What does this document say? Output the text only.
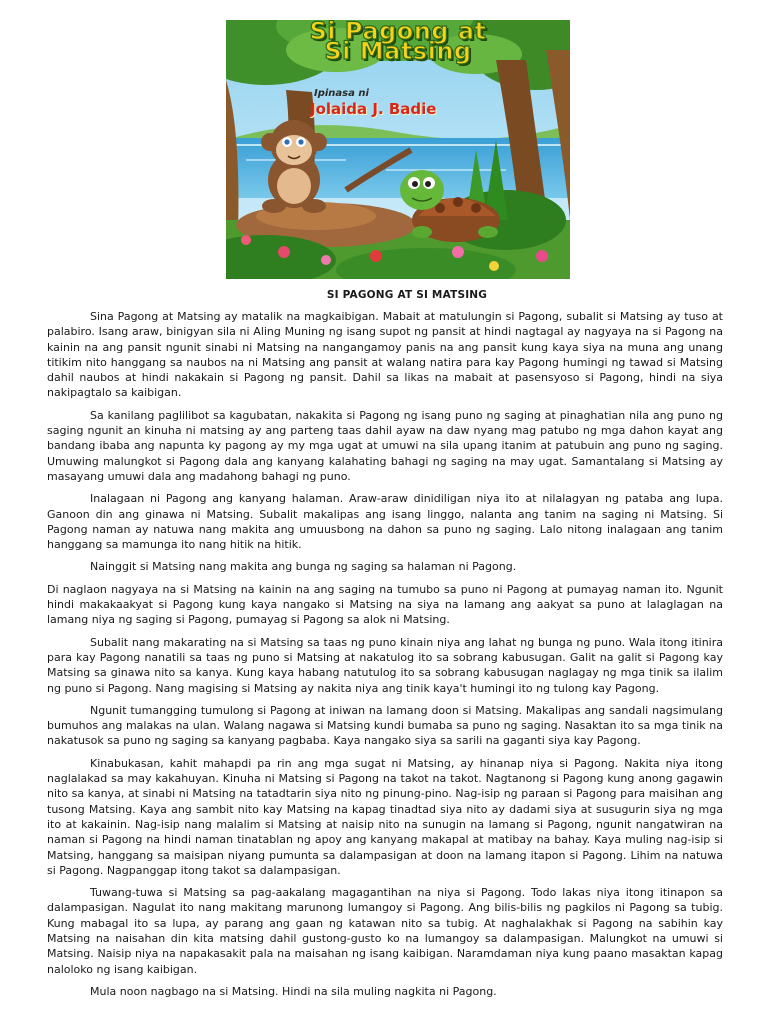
Si Pagong at
Si Matsing
Ipinasa ni
Jolaida J. Badie
SI PAGONG AT SI MATSING

Sina Pagong at Matsing ay matalik na magkaibigan. Mabait at matulungin si Pagong, subalit si Matsing ay tuso at palabiro. Isang araw, binigyan sila ni Aling Muning ng isang supot ng pansit at hindi nagtagal ay nagyaya na si Pagong na kainin na ang pansit ngunit sinabi ni Matsing na nangangamoy panis na ang pansit kung kaya siya na muna ang unang titikim nito hanggang sa naubos na ni Matsing ang pansit at walang natira para kay Pagong humingi ng tawad si Matsing dahil naubos at hindi nakakain si Pagong ng pansit. Dahil sa likas na mabait at pasensyoso si Pagong, hindi na siya nakipagtalo sa kaibigan.

Sa kanilang paglilibot sa kagubatan, nakakita si Pagong ng isang puno ng saging at pinaghatian nila ang puno ng saging ngunit an kinuha ni matsing ay ang parteng taas dahil ayaw na daw nyang mag patubo ng mga dahon kayat ang bandang ibaba ang napunta ky pagong ay my mga ugat at umuwi na sila upang itanim at patubuin ang puno ng saging. Umuwing malungkot si Pagong dala ang kanyang kalahating bahagi ng saging na may ugat. Samantalang si Matsing ay masayang umuwi dala ang madahong bahagi ng puno.

Inalagaan ni Pagong ang kanyang halaman. Araw-araw dinidiligan niya ito at nilalagyan ng pataba ang lupa. Ganoon din ang ginawa ni Matsing. Subalit makalipas ang isang linggo, nalanta ang tanim na saging ni Matsing. Si Pagong naman ay natuwa nang makita ang umuusbong na dahon sa puno ng saging. Lalo nitong inalagaan ang tanim hanggang sa mamunga ito nang hitik na hitik.

Nainggit si Matsing nang makita ang bunga ng saging sa halaman ni Pagong.

Di naglaon nagyaya na si Matsing na kainin na ang saging na tumubo sa puno ni Pagong at pumayag naman ito. Ngunit hindi makakaakyat si Pagong kung kaya nangako si Matsing na siya na lamang ang aakyat sa puno at lalaglagan na lamang niya ng saging si Pagong, pumayag si Pagong sa alok ni Matsing.

Subalit nang makarating na si Matsing sa taas ng puno kinain niya ang lahat ng bunga ng puno. Wala itong itinira para kay Pagong nanatili sa taas ng puno si Matsing at nakatulog ito sa sobrang kabusugan. Galit na galit si Pagong kay Matsing sa ginawa nito sa kanya. Kung kaya habang natutulog ito sa sobrang kabusugan naglagay ng mga tinik sa ilalim ng puno si Pagong. Nang magising si Matsing ay nakita niya ang tinik kaya't humingi ito ng tulong kay Pagong.

Ngunit tumangging tumulong si Pagong at iniwan na lamang doon si Matsing. Makalipas ang sandali nagsimulang bumuhos ang malakas na ulan. Walang nagawa si Matsing kundi bumaba sa puno ng saging. Nasaktan ito sa mga tinik na nakatusok sa puno ng saging sa kanyang pagbaba. Kaya nangako siya sa sarili na gaganti siya kay Pagong.

Kinabukasan, kahit mahapdi pa rin ang mga sugat ni Matsing, ay hinanap niya si Pagong. Nakita niya itong naglalakad sa may kakahuyan. Kinuha ni Matsing si Pagong na takot na takot. Nagtanong si Pagong kung anong gagawin nito sa kanya, at sinabi ni Matsing na tatadtarin siya nito ng pinung-pino. Nag-isip ng paraan si Pagong para maisihan ang tusong Matsing. Kaya ang sambit nito kay Matsing na kapag tinadtad siya nito ay dadami siya at susugurin siya ng mga ito at kakainin. Nag-isip nang malalim si Matsing at naisip nito na sunugin na lamang si Pagong, ngunit nangatwiran na naman si Pagong na hindi naman tinatablan ng apoy ang kanyang makapal at matibay na bahay. Kaya muling nag-isip si Matsing, hanggang sa maisipan niyang pumunta sa dalampasigan at doon na lamang itapon si Pagong. Lihim na natuwa si Pagong. Nagpanggap itong takot sa dalampasigan.

Tuwang-tuwa si Matsing sa pag-aakalang magagantihan na niya si Pagong. Todo lakas niya itong itinapon sa dalampasigan. Nagulat ito nang makitang marunong lumangoy si Pagong. Ang bilis-bilis ng pagkilos ni Pagong sa tubig. Kung mabagal ito sa lupa, ay parang ang gaan ng katawan nito sa tubig. At naghalakhak si Pagong na sabihin kay Matsing na naisahan din kita matsing dahil gustong-gusto ko na lumangoy sa dalampasigan. Malungkot na umuwi si Matsing. Naisip niya na napakasakit pala na maisahan ng isang kaibigan. Naramdaman niya kung paano masaktan kapag naloloko ng isang kaibigan.

Mula noon nagbago na si Matsing. Hindi na sila muling nagkita ni Pagong.
